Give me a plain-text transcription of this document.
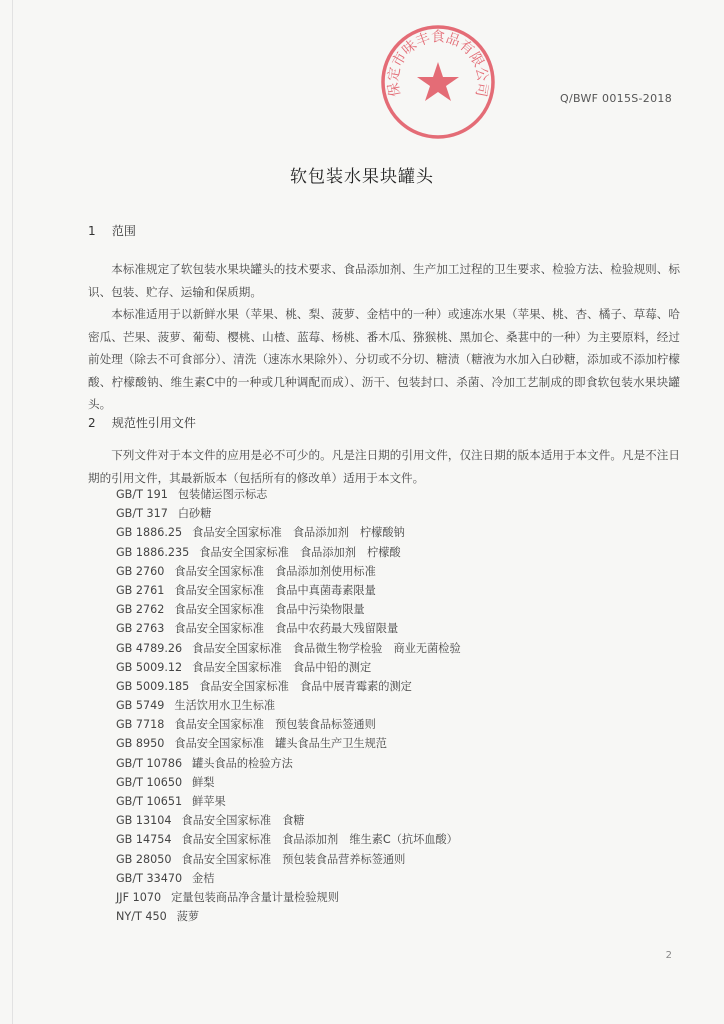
保定市味丰食品有限公司
Q/BWF 0015S-2018
软包装水果块罐头
1 范围

本标准规定了软包装水果块罐头的技术要求、食品添加剂、生产加工过程的卫生要求、检验方法、检验规则、标识、包装、贮存、运输和保质期。

本标准适用于以新鲜水果（苹果、桃、梨、菠萝、金桔中的一种）或速冻水果（苹果、桃、杏、橘子、草莓、哈密瓜、芒果、菠萝、葡萄、樱桃、山楂、蓝莓、杨桃、番木瓜、猕猴桃、黑加仑、桑葚中的一种）为主要原料，经过前处理（除去不可食部分）、清洗（速冻水果除外）、分切或不分切、糖渍（糖液为水加入白砂糖，添加或不添加柠檬酸、柠檬酸钠、维生素C中的一种或几种调配而成）、沥干、包装封口、杀菌、冷加工艺制成的即食软包装水果块罐头。

2 规范性引用文件

下列文件对于本文件的应用是必不可少的。凡是注日期的引用文件，仅注日期的版本适用于本文件。凡是不注日期的引用文件，其最新版本（包括所有的修改单）适用于本文件。

GB/T 191 包装储运图示标志
GB/T 317 白砂糖
GB 1886.25 食品安全国家标准　食品添加剂　柠檬酸钠
GB 1886.235 食品安全国家标准　食品添加剂　柠檬酸
GB 2760 食品安全国家标准　食品添加剂使用标准
GB 2761 食品安全国家标准　食品中真菌毒素限量
GB 2762 食品安全国家标准　食品中污染物限量
GB 2763 食品安全国家标准　食品中农药最大残留限量
GB 4789.26 食品安全国家标准　食品微生物学检验　商业无菌检验
GB 5009.12 食品安全国家标准　食品中铅的测定
GB 5009.185 食品安全国家标准　食品中展青霉素的测定
GB 5749 生活饮用水卫生标准
GB 7718 食品安全国家标准　预包装食品标签通则
GB 8950 食品安全国家标准　罐头食品生产卫生规范
GB/T 10786 罐头食品的检验方法
GB/T 10650 鲜梨
GB/T 10651 鲜苹果
GB 13104 食品安全国家标准　食糖
GB 14754 食品安全国家标准　食品添加剂　维生素C（抗坏血酸）
GB 28050 食品安全国家标准　预包装食品营养标签通则
GB/T 33470 金桔
JJF 1070 定量包装商品净含量计量检验规则
NY/T 450 菠萝
2
